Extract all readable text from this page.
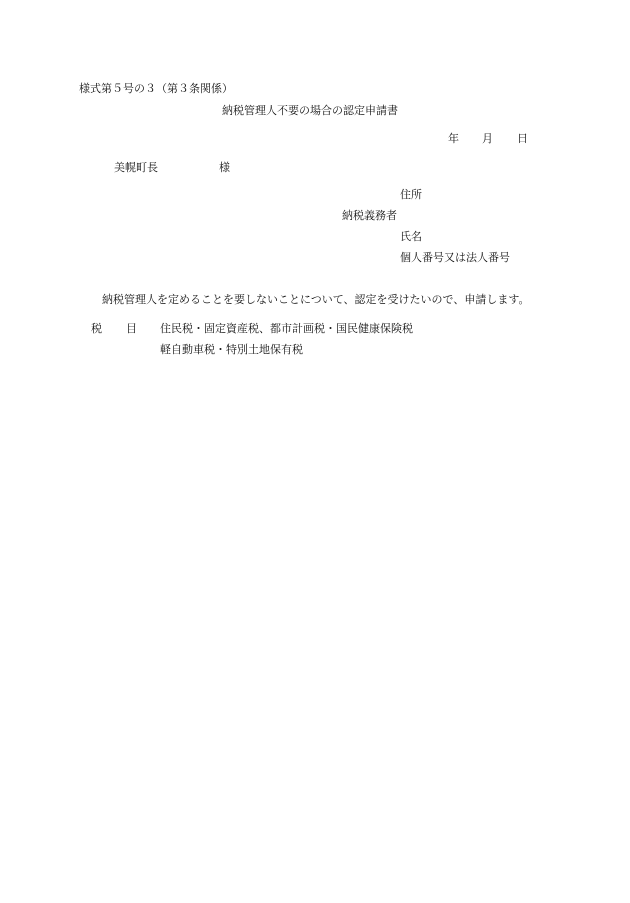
様式第５号の３（第３条関係）
納税管理人不要の場合の認定申請書
年 月 日
美幌町長	様
住所
納税義務者
氏名
個人番号又は法人番号
納税管理人を定めることを要しないことについて、認定を受けたいので、申請します。
税 目 住民税・固定資産税、都市計画税・国民健康保険税
軽自動車税・特別土地保有税
